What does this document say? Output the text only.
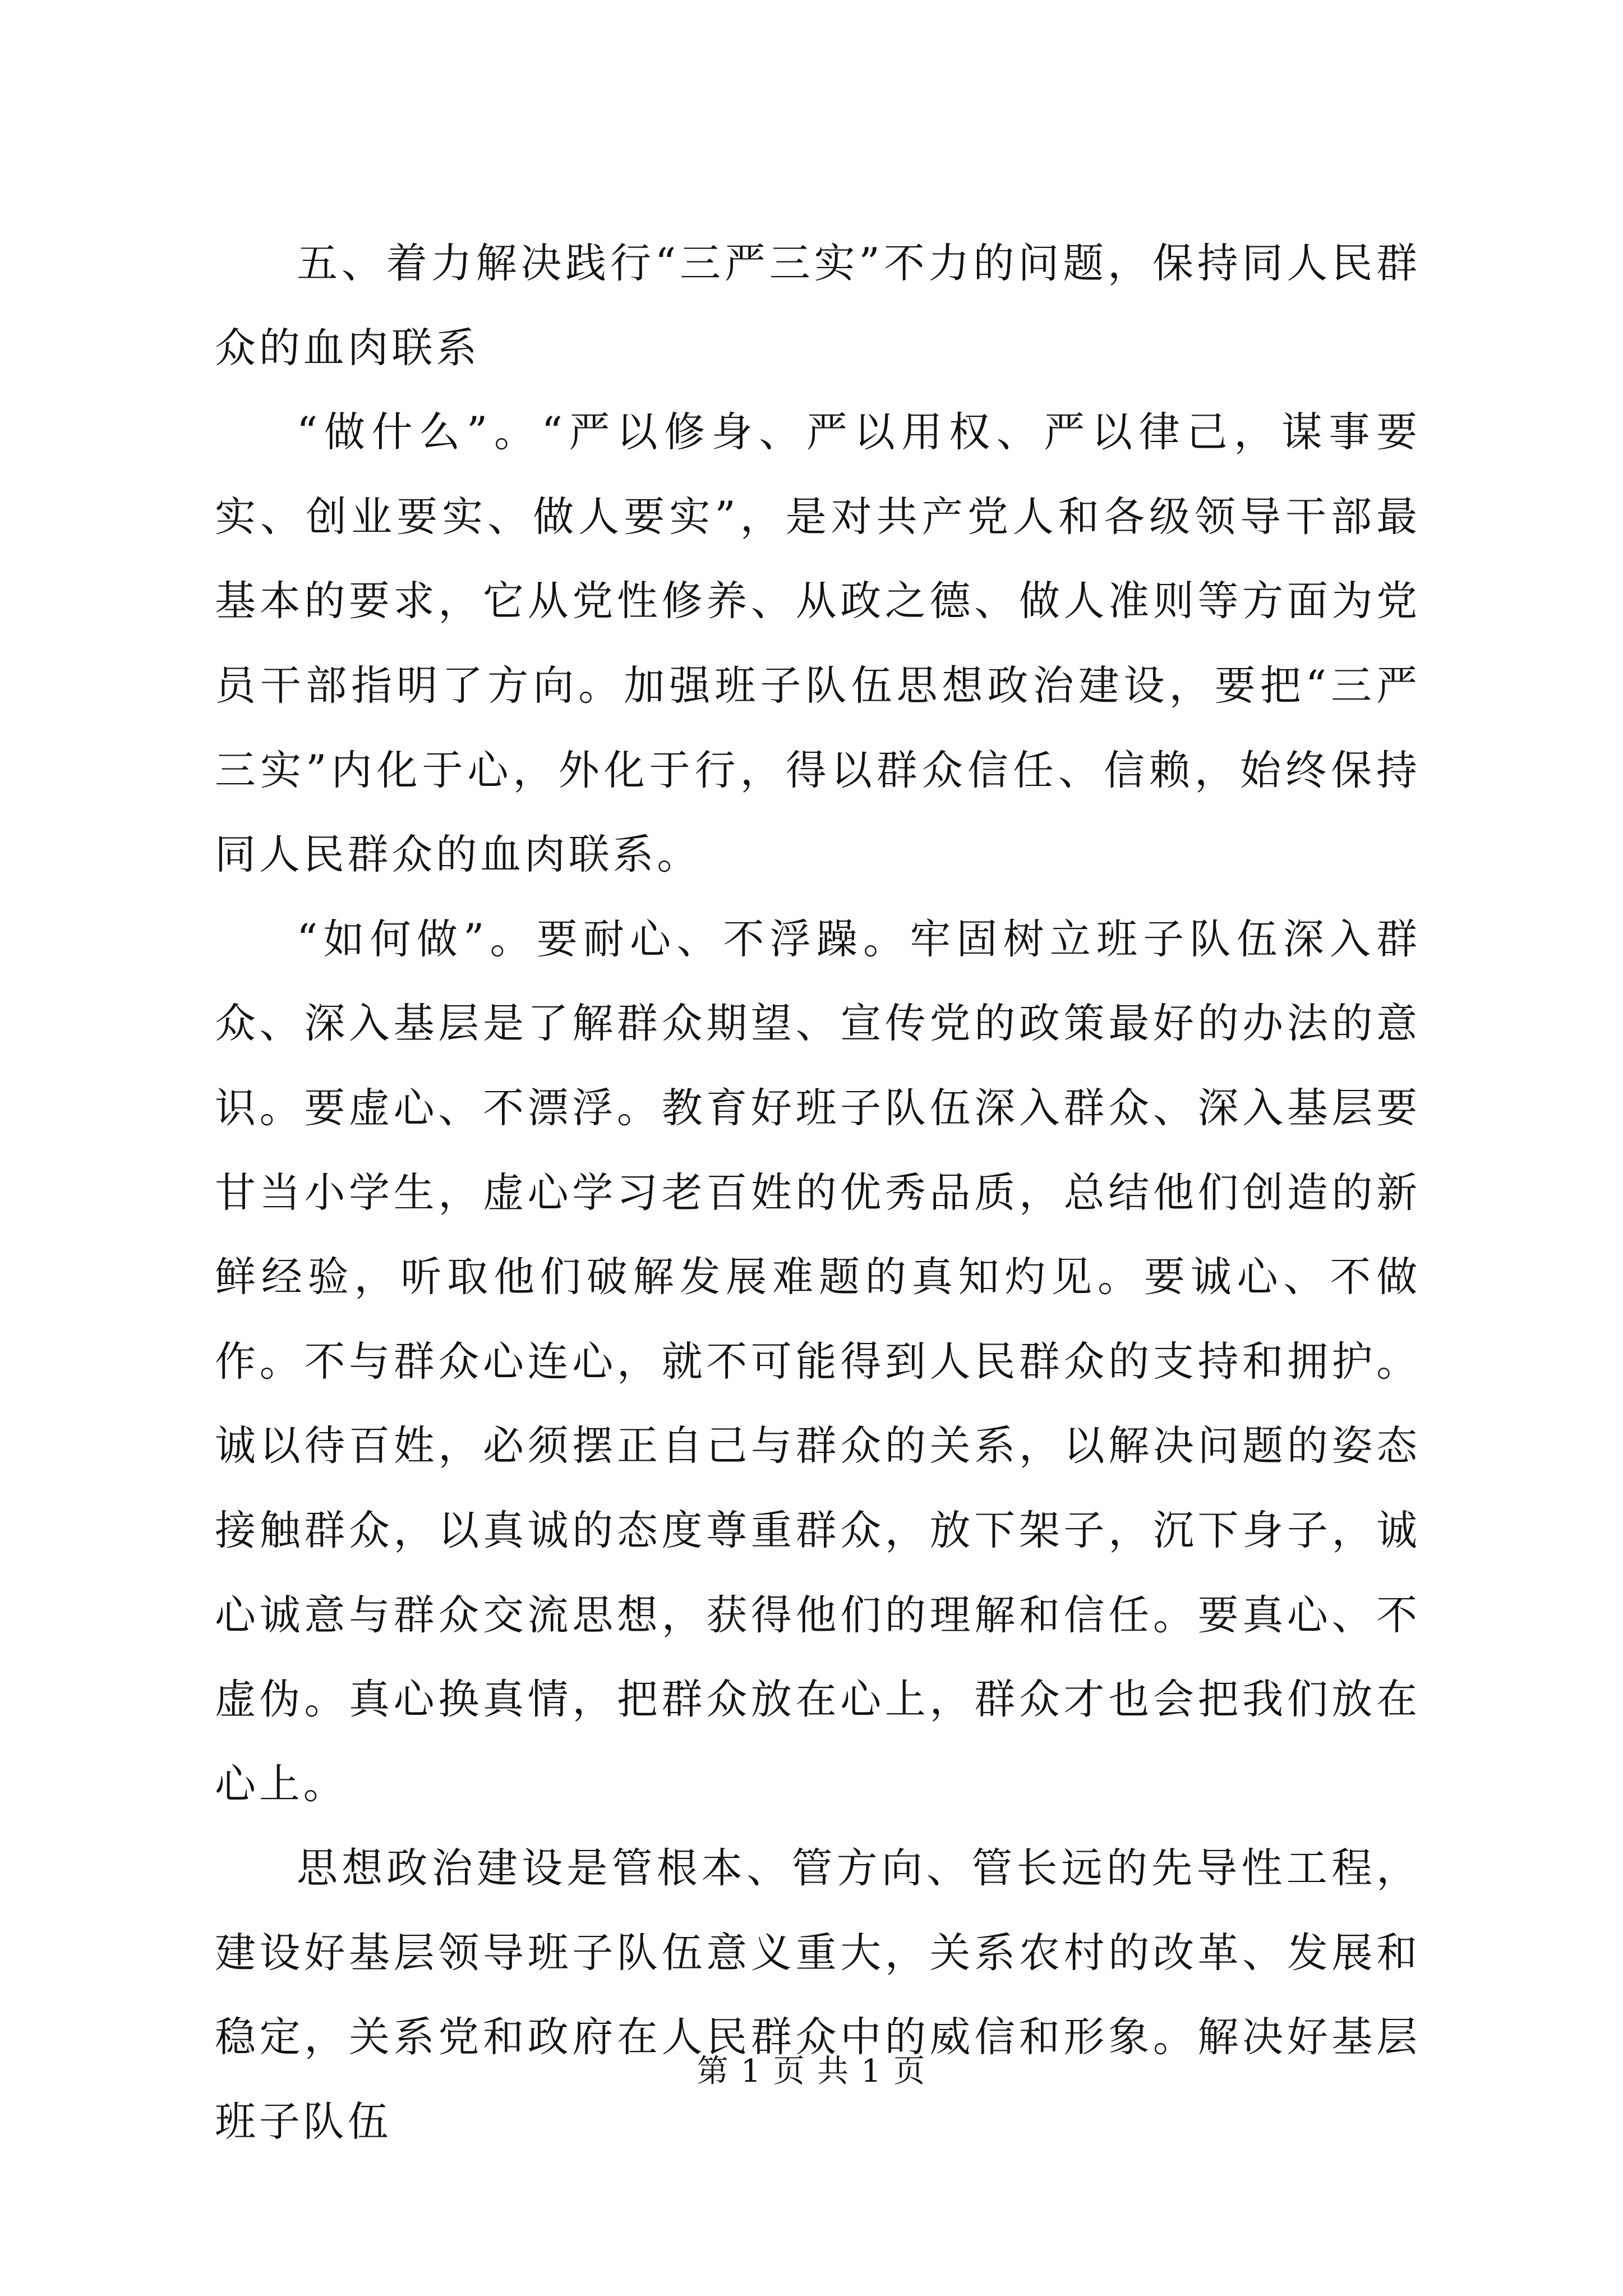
五、着力解决践行“三严三实”不力的问题，保持同人民群众的血肉联系

“做什么”。“严以修身、严以用权、严以律己，谋事要实、创业要实、做人要实”，是对共产党人和各级领导干部最基本的要求，它从党性修养、从政之德、做人准则等方面为党员干部指明了方向。加强班子队伍思想政治建设，要把“三严三实”内化于心，外化于行，得以群众信任、信赖，始终保持同人民群众的血肉联系。

“如何做”。要耐心、不浮躁。牢固树立班子队伍深入群众、深入基层是了解群众期望、宣传党的政策最好的办法的意识。要虚心、不漂浮。教育好班子队伍深入群众、深入基层要甘当小学生，虚心学习老百姓的优秀品质，总结他们创造的新鲜经验，听取他们破解发展难题的真知灼见。要诚心、不做作。不与群众心连心，就不可能得到人民群众的支持和拥护。诚以待百姓，必须摆正自己与群众的关系，以解决问题的姿态接触群众，以真诚的态度尊重群众，放下架子，沉下身子，诚心诚意与群众交流思想，获得他们的理解和信任。要真心、不虚伪。真心换真情，把群众放在心上，群众才也会把我们放在心上。

思想政治建设是管根本、管方向、管长远的先导性工程，建设好基层领导班子队伍意义重大，关系农村的改革、发展和稳定，关系党和政府在人民群众中的威信和形象。解决好基层班子队伍

第 1 页 共 1 页
